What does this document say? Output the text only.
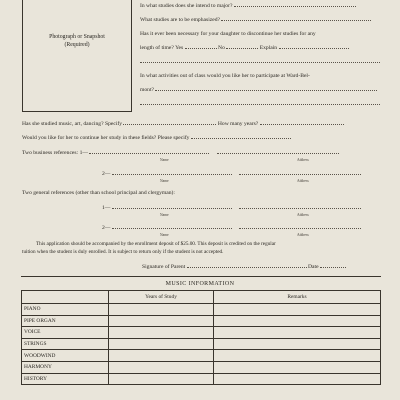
Photograph or Snapshot
(Required)
In what studies does she intend to major?
What studies are to be emphasized?
Has it ever been necessary for your daughter to discontinue her studies for any
length of time? Yes	No	Explain
In what activities out of class would you like her to participate at Ward-Bel-
mont?
Has she studied music, art, dancing? Specify	How many years?
Would you like for her to continue her study in these fields? Please specify
Two business references: 1—
Name	Address
2—
Name	Address
Two general references (other than school principal and clergyman):
1—
Name	Address
2—
Name	Address
This application should be accompanied by the enrollment deposit of $25.00. This deposit is credited on the regular
tuition when the student is duly enrolled. It is subject to return only if the student is not accepted.
Signature of Parent	Date
MUSIC INFORMATION
	Years of Study	Remarks
PIANO		
PIPE ORGAN		
VOICE		
STRINGS		
WOODWIND		
HARMONY		
HISTORY		
